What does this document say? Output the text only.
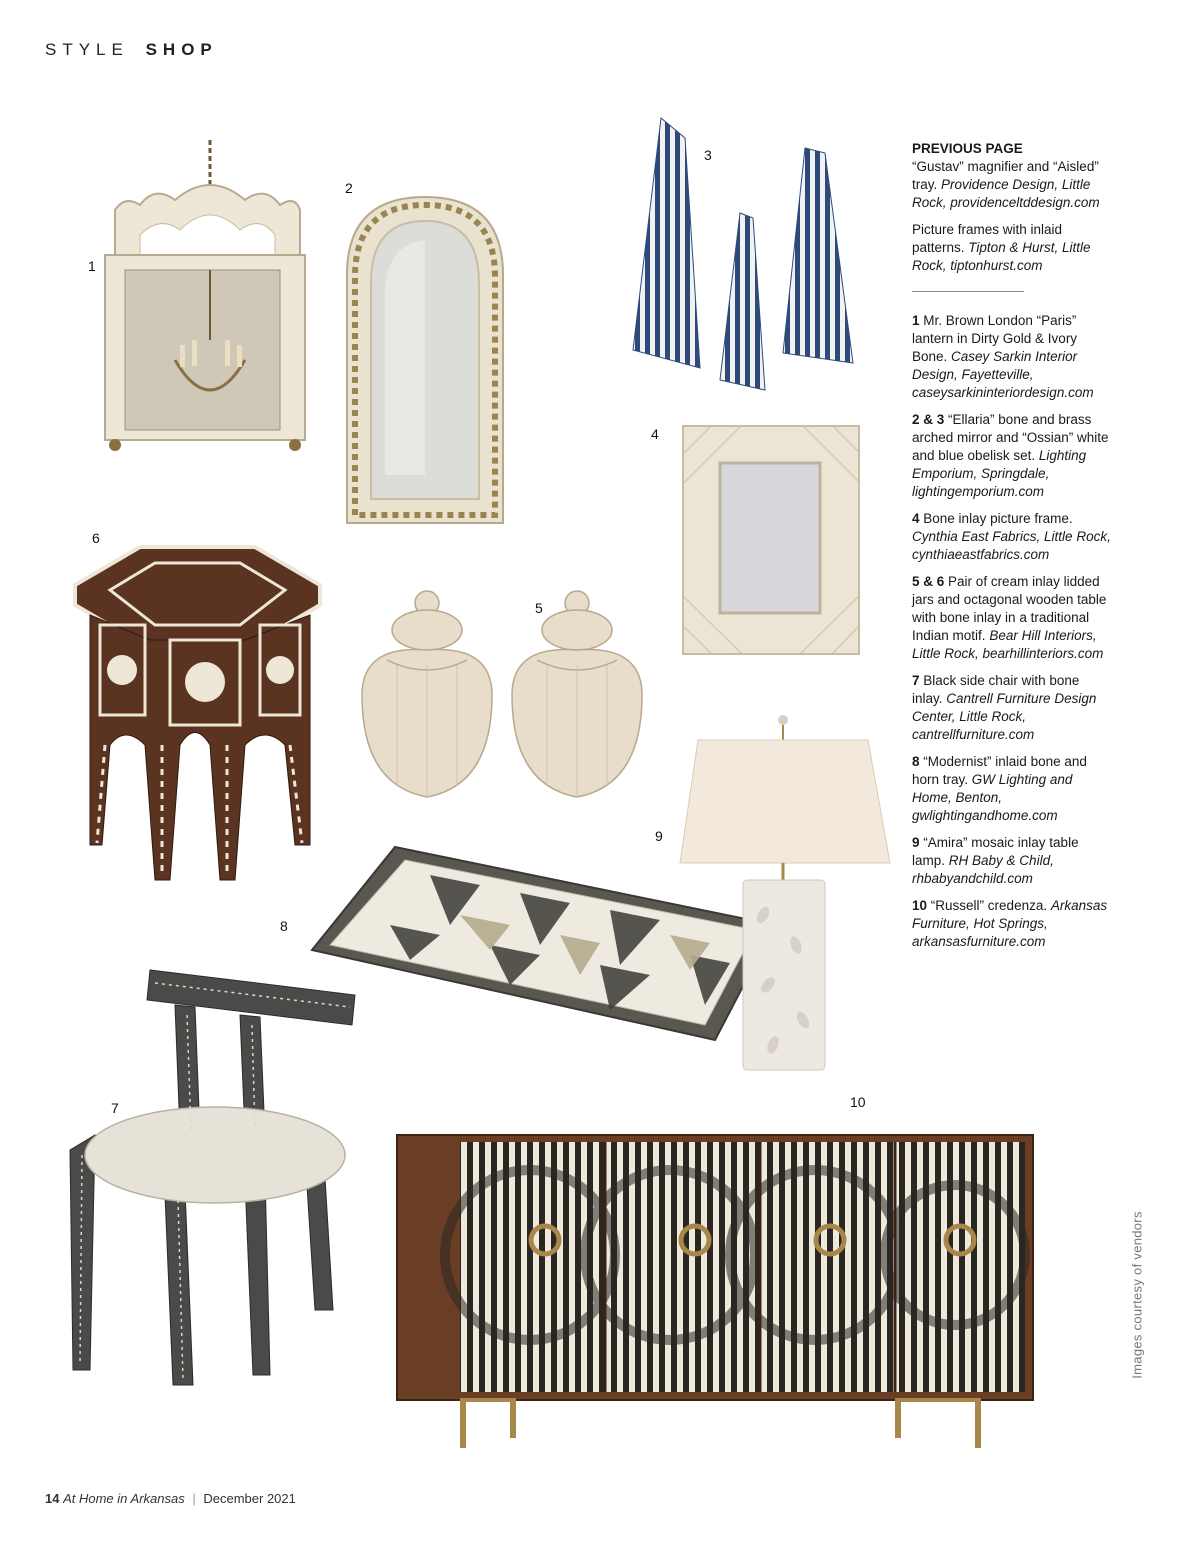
STYLE SHOP
1
2
3
4
5
6
7
8
9
10

PREVIOUS PAGE
“Gustav” magnifier and “Aisled” tray. Providence Design, Little Rock, providenceltddesign.com

Picture frames with inlaid patterns. Tipton & Hurst, Little Rock, tiptonhurst.com

1 Mr. Brown London “Paris” lantern in Dirty Gold & Ivory Bone. Casey Sarkin Interior Design, Fayetteville, caseysarkininteriordesign.com

2 & 3 “Ellaria” bone and brass arched mirror and “Ossian” white and blue obelisk set. Lighting Emporium, Springdale, lightingemporium.com

4 Bone inlay picture frame. Cynthia East Fabrics, Little Rock, cynthiaeastfabrics.com

5 & 6 Pair of cream inlay lidded jars and octagonal wooden table with bone inlay in a traditional Indian motif. Bear Hill Interiors, Little Rock, bearhillinteriors.com

7 Black side chair with bone inlay. Cantrell Furniture Design Center, Little Rock, cantrellfurniture.com

8 “Modernist” inlaid bone and horn tray. GW Lighting and Home, Benton, gwlightingandhome.com

9 “Amira” mosaic inlay table lamp. RH Baby & Child, rhbabyandchild.com

10 “Russell” credenza. Arkansas Furniture, Hot Springs, arkansasfurniture.com

Images courtesy of vendors
14 At Home in Arkansas | December 2021
